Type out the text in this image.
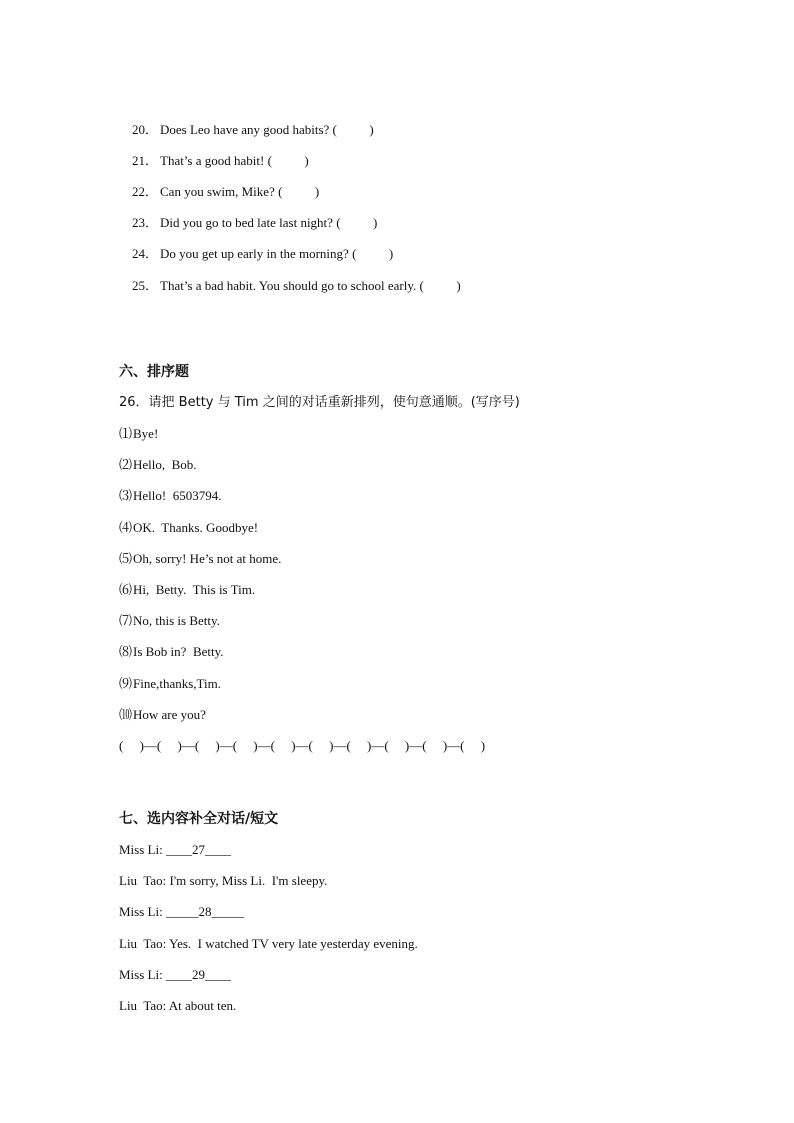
20． Does Leo have any good habits? (          )

21． That’s a good habit! (          )

22． Can you swim, Mike? (          )

23． Did you go to bed late last night? (          )

24． Do you get up early in the morning? (          )

25． That’s a bad habit. You should go to school early. (          )

六、排序题
26．请把 Betty 与 Tim 之间的对话重新排列，使句意通顺。(写序号)
⑴Bye!
⑵Hello,  Bob.
⑶Hello!  6503794.
⑷OK.  Thanks. Goodbye!
⑸Oh, sorry! He’s not at home.
⑹Hi,  Betty.  This is Tim.
⑺No, this is Betty.
⑻Is Bob in?  Betty.
⑼Fine,thanks,Tim.
⑽How are you?
(     )—(     )—(     )—(     )—(     )—(     )—(     )—(     )—(     )—(     )
七、选内容补全对话/短文
Miss Li: ____27____
Liu  Tao: I'm sorry, Miss Li.  I'm sleepy.
Miss Li: _____28_____
Liu  Tao: Yes.  I watched TV very late yesterday evening.
Miss Li: ____29____
Liu  Tao: At about ten.
